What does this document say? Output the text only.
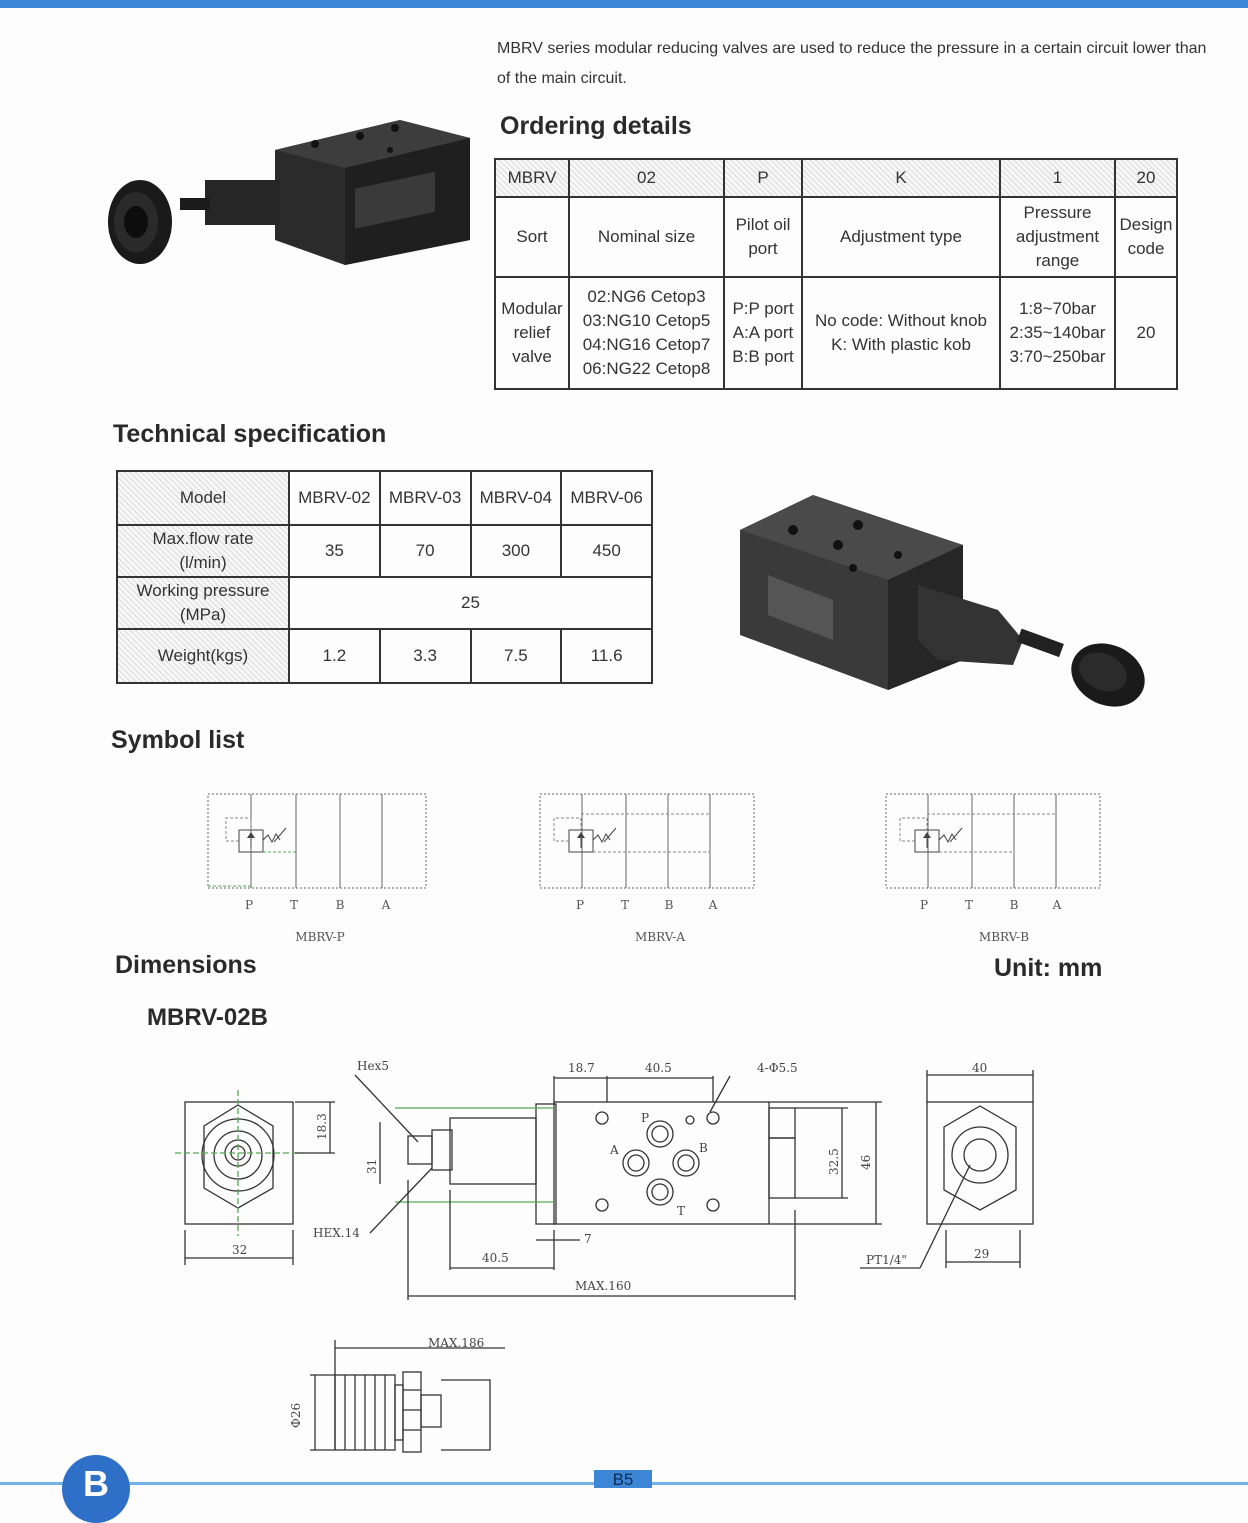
MBRV series modular reducing valves are used to reduce the pressure in a certain circuit lower than of the main circuit.
Ordering details
MBRV	02	P	K	1	20
Sort	Nominal size	Pilot oil port	Adjustment type	Pressure adjustment range	Design code

Modular
relief
valve	02:NG6 Cetop3
03:NG10 Cetop5
04:NG16 Cetop7
06:NG22 Cetop8	P:P port
A:A port
B:B port	No code: Without knob
K: With plastic kob	1:8~70bar
2:35~140bar
3:70~250bar	20
Technical specification
Model	MBRV-02	MBRV-03	MBRV-04	MBRV-06

Max.flow rate
(l/min)	35	70	300	450

Working pressure
(MPa)	25			
Weight(kgs)	1.2	3.3	7.5	11.6
Symbol list
P	T	B	A
MBRV-P
P	T	B	A
MBRV-A
P	T	B	A
MBRV-B
Dimensions	Unit: mm
MBRV-02B
Hex5	18.7	40.5	4-Φ5.5	40
18.3
31	32.5 46
P
A	B
T
HEX.14
32
7
40.5
MAX.160
PT1/4"	29
MAX.186
Φ26
B	B5
